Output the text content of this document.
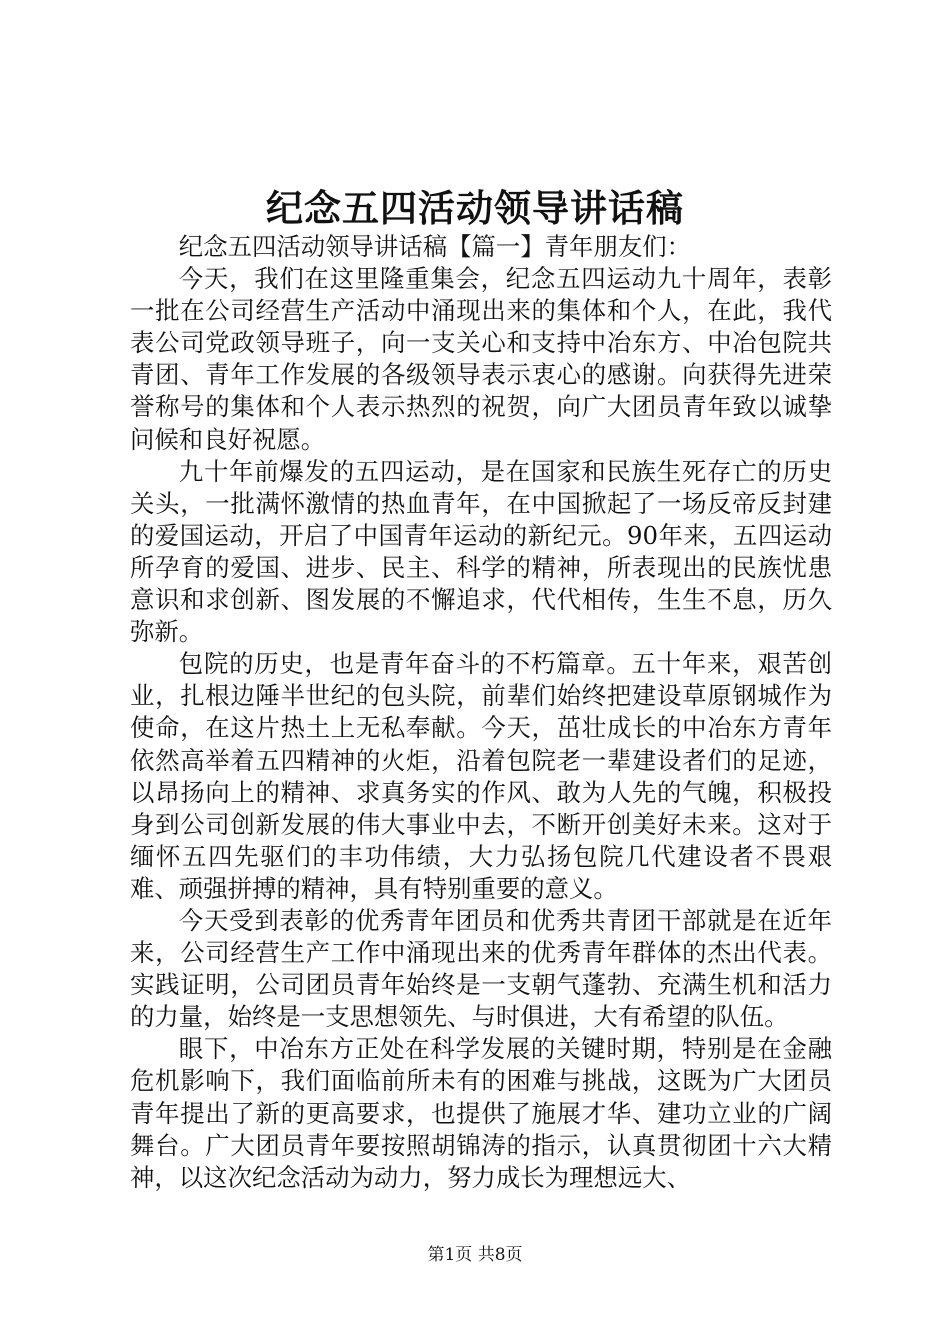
纪念五四活动领导讲话稿

纪念五四活动领导讲话稿【篇一】青年朋友们：

今天，我们在这里隆重集会，纪念五四运动九十周年，表彰一批在公司经营生产活动中涌现出来的集体和个人，在此，我代表公司党政领导班子，向一支关心和支持中冶东方、中冶包院共青团、青年工作发展的各级领导表示衷心的感谢。向获得先进荣誉称号的集体和个人表示热烈的祝贺，向广大团员青年致以诚挚问候和良好祝愿。

九十年前爆发的五四运动，是在国家和民族生死存亡的历史关头，一批满怀激情的热血青年，在中国掀起了一场反帝反封建的爱国运动，开启了中国青年运动的新纪元。90年来，五四运动所孕育的爱国、进步、民主、科学的精神，所表现出的民族忧患意识和求创新、图发展的不懈追求，代代相传，生生不息，历久弥新。

包院的历史，也是青年奋斗的不朽篇章。五十年来，艰苦创业，扎根边陲半世纪的包头院，前辈们始终把建设草原钢城作为使命，在这片热土上无私奉献。今天，茁壮成长的中冶东方青年依然高举着五四精神的火炬，沿着包院老一辈建设者们的足迹，以昂扬向上的精神、求真务实的作风、敢为人先的气魄，积极投身到公司创新发展的伟大事业中去，不断开创美好未来。这对于缅怀五四先驱们的丰功伟绩，大力弘扬包院几代建设者不畏艰难、顽强拼搏的精神，具有特别重要的意义。

今天受到表彰的优秀青年团员和优秀共青团干部就是在近年来，公司经营生产工作中涌现出来的优秀青年群体的杰出代表。实践证明，公司团员青年始终是一支朝气蓬勃、充满生机和活力的力量，始终是一支思想领先、与时俱进，大有希望的队伍。

眼下，中冶东方正处在科学发展的关键时期，特别是在金融危机影响下，我们面临前所未有的困难与挑战，这既为广大团员青年提出了新的更高要求，也提供了施展才华、建功立业的广阔舞台。广大团员青年要按照胡锦涛的指示，认真贯彻团十六大精神，以这次纪念活动为动力，努力成长为理想远大、

第1页 共8页
